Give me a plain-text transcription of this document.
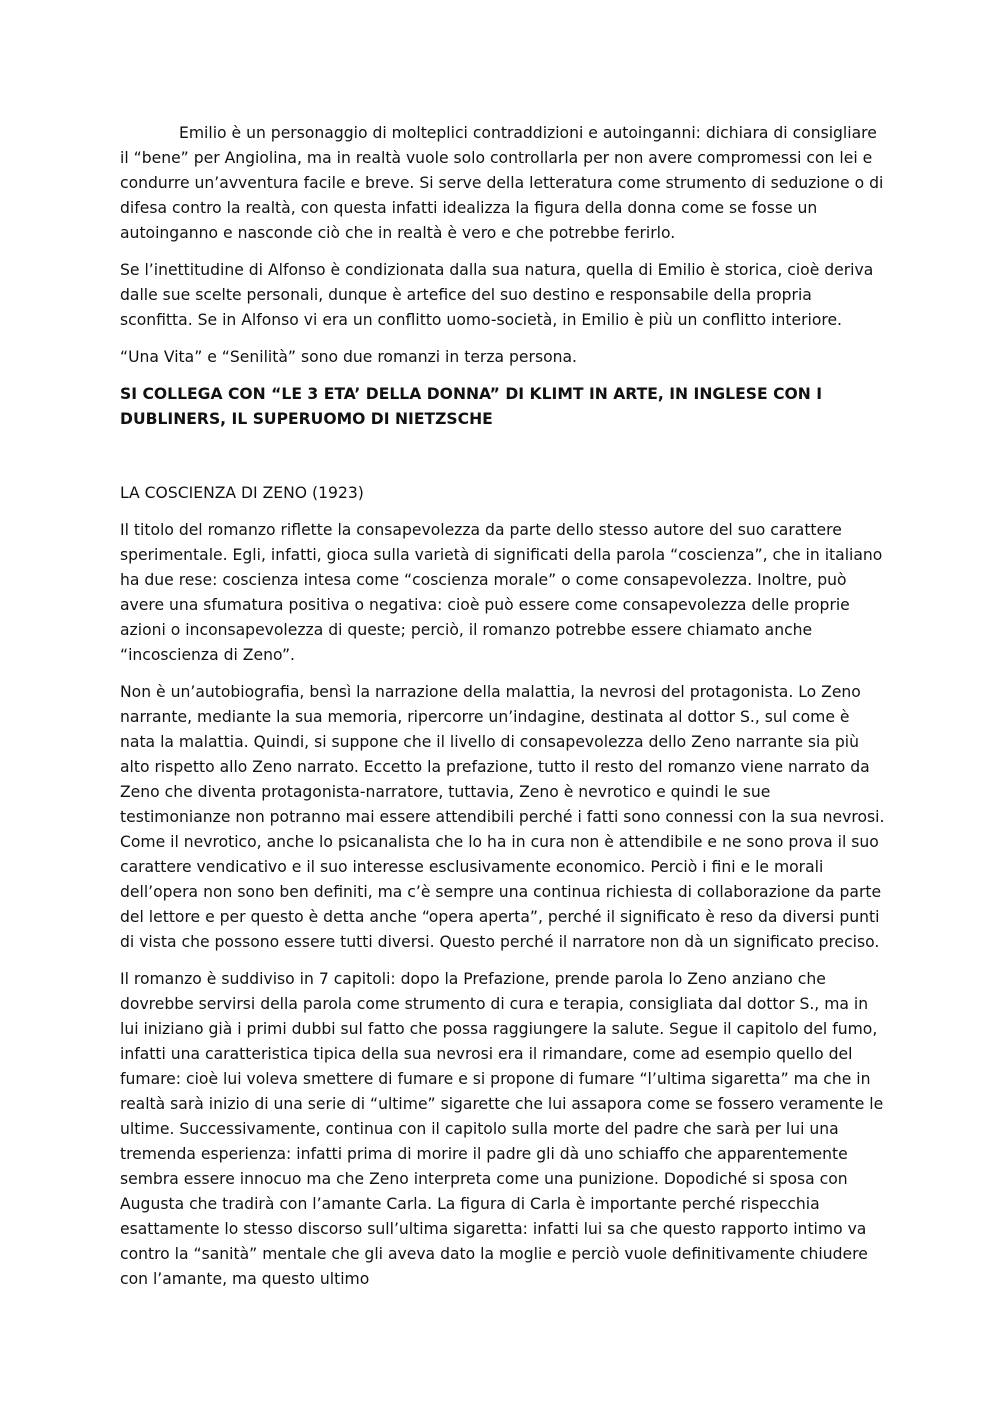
Emilio è un personaggio di molteplici contraddizioni e autoinganni: dichiara di consigliare il “bene” per Angiolina, ma in realtà vuole solo controllarla per non avere compromessi con lei e condurre un’avventura facile e breve. Si serve della letteratura come strumento di seduzione o di difesa contro la realtà, con questa infatti idealizza la figura della donna come se fosse un autoinganno e nasconde ciò che in realtà è vero e che potrebbe ferirlo.

Se l’inettitudine di Alfonso è condizionata dalla sua natura, quella di Emilio è storica, cioè deriva dalle sue scelte personali, dunque è artefice del suo destino e responsabile della propria sconfitta. Se in Alfonso vi era un conflitto uomo-società, in Emilio è più un conflitto interiore.

“Una Vita” e “Senilità” sono due romanzi in terza persona.

SI COLLEGA CON “LE 3 ETA’ DELLA DONNA” DI KLIMT IN ARTE, IN INGLESE CON I DUBLINERS, IL SUPERUOMO DI NIETZSCHE

LA COSCIENZA DI ZENO (1923)

Il titolo del romanzo riflette la consapevolezza da parte dello stesso autore del suo carattere sperimentale. Egli, infatti, gioca sulla varietà di significati della parola “coscienza”, che in italiano ha due rese: coscienza intesa come “coscienza morale” o come consapevolezza. Inoltre, può avere una sfumatura positiva o negativa: cioè può essere come consapevolezza delle proprie azioni o inconsapevolezza di queste; perciò, il romanzo potrebbe essere chiamato anche “incoscienza di Zeno”.

Non è un’autobiografia, bensì la narrazione della malattia, la nevrosi del protagonista. Lo Zeno narrante, mediante la sua memoria, ripercorre un’indagine, destinata al dottor S., sul come è nata la malattia. Quindi, si suppone che il livello di consapevolezza dello Zeno narrante sia più alto rispetto allo Zeno narrato. Eccetto la prefazione, tutto il resto del romanzo viene narrato da Zeno che diventa protagonista-narratore, tuttavia, Zeno è nevrotico e quindi le sue testimonianze non potranno mai essere attendibili perché i fatti sono connessi con la sua nevrosi. Come il nevrotico, anche lo psicanalista che lo ha in cura non è attendibile e ne sono prova il suo carattere vendicativo e il suo interesse esclusivamente economico. Perciò i fini e le morali dell’opera non sono ben definiti, ma c’è sempre una continua richiesta di collaborazione da parte del lettore e per questo è detta anche “opera aperta”, perché il significato è reso da diversi punti di vista che possono essere tutti diversi. Questo perché il narratore non dà un significato preciso.

Il romanzo è suddiviso in 7 capitoli: dopo la Prefazione, prende parola lo Zeno anziano che dovrebbe servirsi della parola come strumento di cura e terapia, consigliata dal dottor S., ma in lui iniziano già i primi dubbi sul fatto che possa raggiungere la salute. Segue il capitolo del fumo, infatti una caratteristica tipica della sua nevrosi era il rimandare, come ad esempio quello del fumare: cioè lui voleva smettere di fumare e si propone di fumare “l’ultima sigaretta” ma che in realtà sarà inizio di una serie di “ultime” sigarette che lui assapora come se fossero veramente le ultime. Successivamente, continua con il capitolo sulla morte del padre che sarà per lui una tremenda esperienza: infatti prima di morire il padre gli dà uno schiaffo che apparentemente sembra essere innocuo ma che Zeno interpreta come una punizione. Dopodiché si sposa con Augusta che tradirà con l’amante Carla. La figura di Carla è importante perché rispecchia esattamente lo stesso discorso sull’ultima sigaretta: infatti lui sa che questo rapporto intimo va contro la “sanità” mentale che gli aveva dato la moglie e perciò vuole definitivamente chiudere con l’amante, ma questo ultimo
